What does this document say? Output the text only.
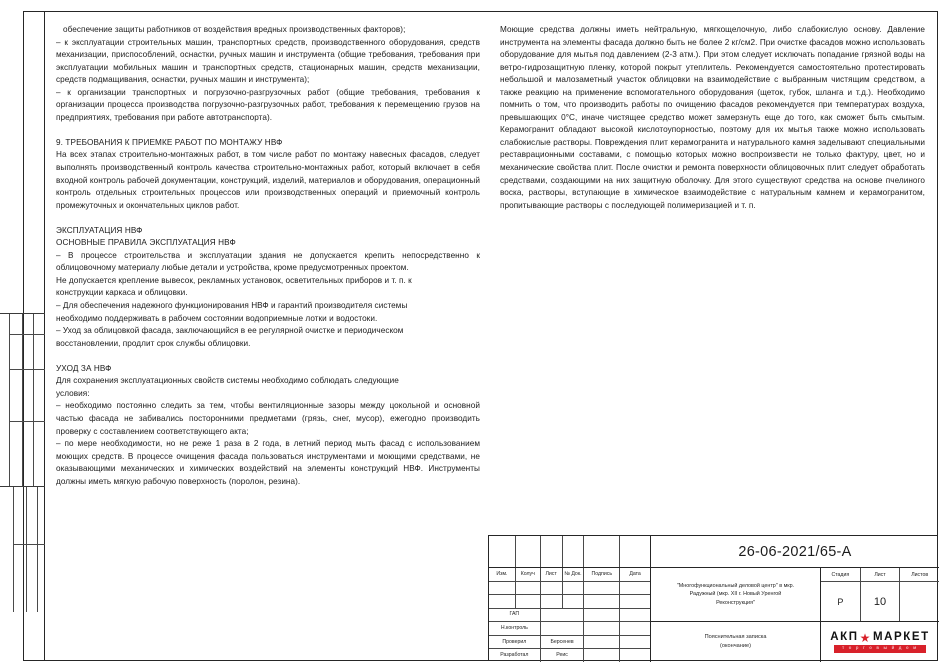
обеспечение защиты работников от воздействия вредных производственных факторов);

– к эксплуатации строительных машин, транспортных средств, производственного оборудования, средств механизации, приспособлений, оснастки, ручных машин и инструмента (общие требования, требования при эксплуатации мобильных машин и транспортных средств, стационарных машин, средств механизации, средств подмащивания, оснастки, ручных машин и инструмента);

– к организации транспортных и погрузочно-разгрузочных работ (общие требования, требования к организации процесса производства погрузочно-разгрузочных работ, требования к перемещению грузов на предприятиях, требования при работе автотранспорта).

9. ТРЕБОВАНИЯ К ПРИЕМКЕ РАБОТ ПО МОНТАЖУ НВФ

На всех этапах строительно-монтажных работ, в том числе работ по монтажу навесных фасадов, следует выполнять производственный контроль качества строительно-монтажных работ, который включает в себя входной контроль рабочей документации, конструкций, изделий, материалов и оборудования, операционный контроль отдельных строительных процессов или производственных операций и приемочный контроль промежуточных и окончательных циклов работ.

ЭКСПЛУАТАЦИЯ НВФ

ОСНОВНЫЕ ПРАВИЛА ЭКСПЛУАТАЦИЯ НВФ

– В процессе строительства и эксплуатации здания не допускается крепить непосредственно к облицовочному материалу любые детали и устройства, кроме предусмотренных проектом.

Не допускается крепление вывесок, рекламных установок, осветительных приборов и т. п. к

конструкции каркаса и облицовки.

– Для обеспечения надежного функционирования НВФ и гарантий производителя системы

необходимо поддерживать в рабочем состоянии водоприемные лотки и водостоки.

– Уход за облицовкой фасада, заключающийся в ее регулярной очистке и периодическом

восстановлении, продлит срок службы облицовки.

УХОД ЗА НВФ

Для сохранения эксплуатационных свойств системы необходимо соблюдать следующие

условия:

– необходимо постоянно следить за тем, чтобы вентиляционные зазоры между цокольной и основной частью фасада не забивались посторонними предметами (грязь, снег, мусор), ежегодно производить проверку с составлением соответствующего акта;

– по мере необходимости, но не реже 1 раза в 2 года, в летний период мыть фасад с использованием моющих средств. В процессе очищения фасада пользоваться инструментами и моющими средствами, не оказывающими механических и химических воздействий на элементы конструкций НВФ. Инструменты должны иметь мягкую рабочую поверхность (поролон, резина).

Моющие средства должны иметь нейтральную, мягкощелочную, либо слабокислую основу. Давление инструмента на элементы фасада должно быть не более 2 кг/см2. При очистке фасадов можно использовать оборудование для мытья под давлением (2-3 атм.). При этом следует исключать попадание грязной воды на ветро-гидрозащитную пленку, которой покрыт утеплитель. Рекомендуется самостоятельно протестировать небольшой и малозаметный участок облицовки на взаимодействие с выбранным чистящим средством, а также реакцию на применение вспомогательного оборудования (щеток, губок, шланга и т.д.). Необходимо помнить о том, что производить работы по очищению фасадов рекомендуется при температурах воздуха, превышающих 0°С, иначе чистящее средство может замерзнуть еще до того, как сможет быть смытым. Керамогранит обладают высокой кислотоупорностью, поэтому для их мытья также можно использовать слабокислые растворы. Повреждения плит керамогранита и натурального камня заделывают специальными реставрационными составами, с помощью которых можно воспроизвести не только фактуру, цвет, но и механические свойства плит. После очистки и ремонта поверхности облицовочных плит следует обработать средствами, создающими на них защитную оболочку. Для этого существуют средства на основе пчелиного воска, растворы, вступающие в химическое взаимодействие с натуральным камнем и керамогранитом, пропитывающие растворы с последующей полимеризацией и т. п.

26-06-2021/65-A
Изм.	Колуч	Лист	№ Док.	Подпись	Дата
ГАП
Н.контроль
Проверил	Берсенев
Разработал	Реис
"Многофункциональный деловой центр" в мкр.
Радужный (мкр. XII г. Новый Уренгой
Реконструкция"
Пояснительная записка
(окончание)
Стадия	Лист	Листов
Р	10
АКП ★ МАРКЕТ
т о р г о в ы й д о м
